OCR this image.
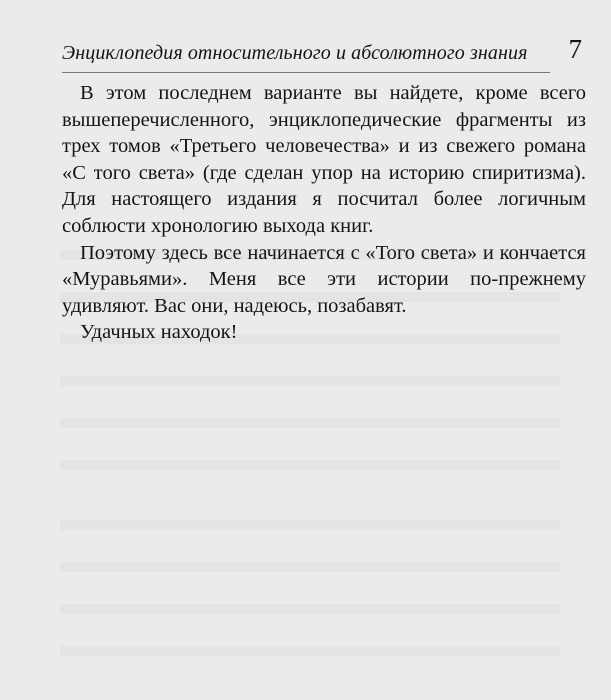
Энциклопедия относительного и абсолютного знания 7

В этом последнем варианте вы найдете, кроме всего вышеперечисленного, энциклопедические фрагменты из трех томов «Третьего человечества» и из свежего романа «С того света» (где сделан упор на историю спиритизма). Для настоящего издания я посчитал более логичным соблюсти хронологию выхода книг.

Поэтому здесь все начинается с «Того света» и кончается «Муравьями». Меня все эти истории по-прежнему удивляют. Вас они, надеюсь, позабавят.

Удачных находок!
